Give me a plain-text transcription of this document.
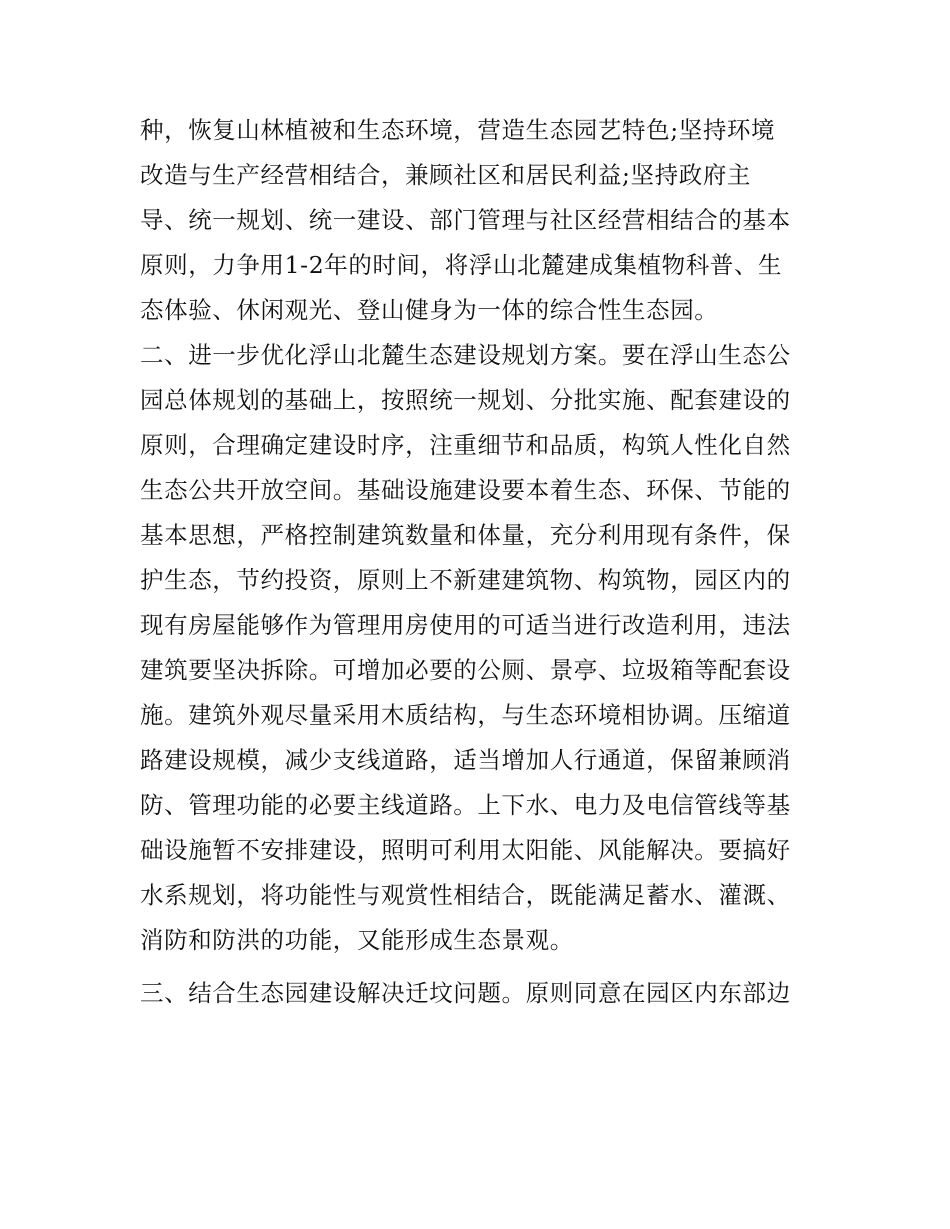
种，恢复山林植被和生态环境，营造生态园艺特色;坚持环境
改造与生产经营相结合，兼顾社区和居民利益;坚持政府主
导、统一规划、统一建设、部门管理与社区经营相结合的基本
原则，力争用1-2年的时间，将浮山北麓建成集植物科普、生
态体验、休闲观光、登山健身为一体的综合性生态园。
二、进一步优化浮山北麓生态建设规划方案。要在浮山生态公
园总体规划的基础上，按照统一规划、分批实施、配套建设的
原则，合理确定建设时序，注重细节和品质，构筑人性化自然
生态公共开放空间。基础设施建设要本着生态、环保、节能的
基本思想，严格控制建筑数量和体量，充分利用现有条件，保
护生态，节约投资，原则上不新建建筑物、构筑物，园区内的
现有房屋能够作为管理用房使用的可适当进行改造利用，违法
建筑要坚决拆除。可增加必要的公厕、景亭、垃圾箱等配套设
施。建筑外观尽量采用木质结构，与生态环境相协调。压缩道
路建设规模，减少支线道路，适当增加人行通道，保留兼顾消
防、管理功能的必要主线道路。上下水、电力及电信管线等基
础设施暂不安排建设，照明可利用太阳能、风能解决。要搞好
水系规划，将功能性与观赏性相结合，既能满足蓄水、灌溉、
消防和防洪的功能，又能形成生态景观。
三、结合生态园建设解决迁坟问题。原则同意在园区内东部边
